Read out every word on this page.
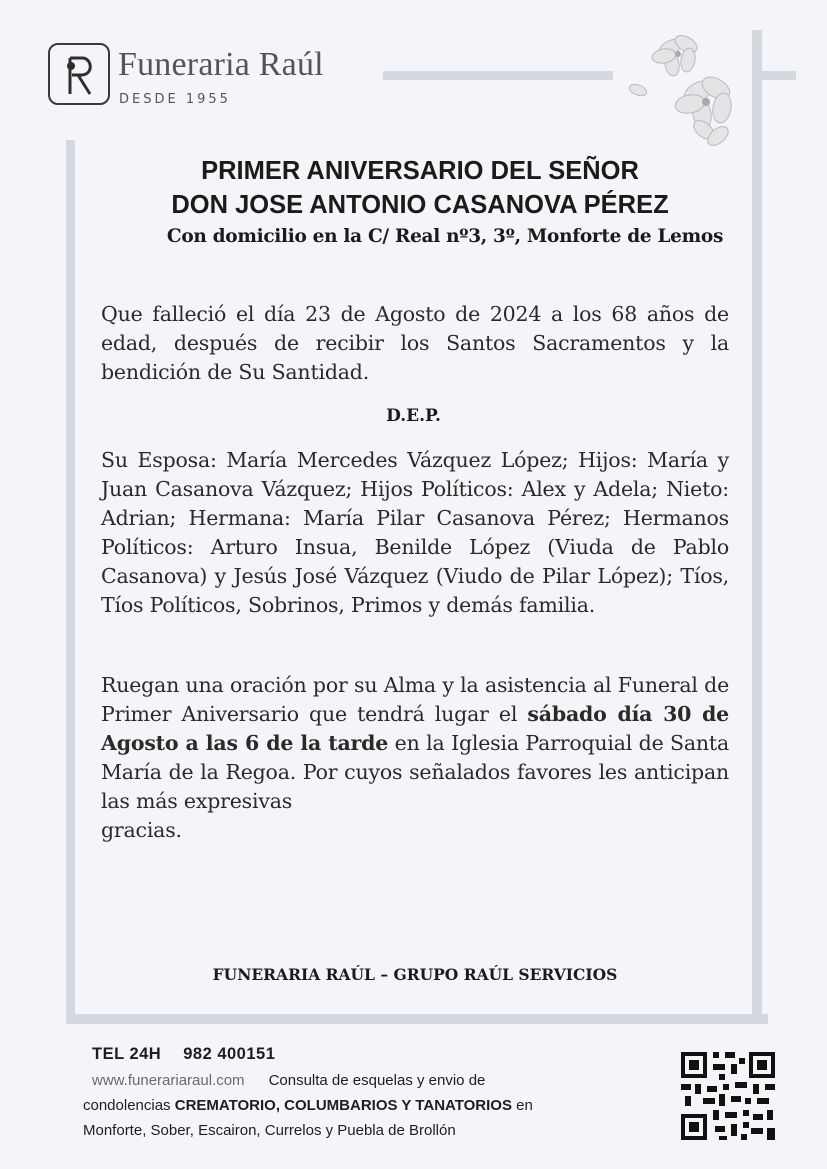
Funeraria Raúl
DESDE 1955
PRIMER ANIVERSARIO DEL SEÑOR
DON JOSE ANTONIO CASANOVA PÉREZ
Con domicilio en la C/ Real nº3, 3º, Monforte de Lemos
Que falleció el día 23 de Agosto de 2024 a los 68 años de edad, después de recibir los Santos Sacramentos y la bendición de Su Santidad.
D.E.P.
Su Esposa: María Mercedes Vázquez López; Hijos: María y Juan Casanova Vázquez; Hijos Políticos: Alex y Adela; Nieto: Adrian; Hermana: María Pilar Casanova Pérez; Hermanos Políticos: Arturo Insua, Benilde López (Viuda de Pablo Casanova) y Jesús José Vázquez (Viudo de Pilar López); Tíos, Tíos Políticos, Sobrinos, Primos y demás familia.
Ruegan una oración por su Alma y la asistencia al Funeral de Primer Aniversario que tendrá lugar el sábado día 30 de Agosto a las 6 de la tarde en la Iglesia Parroquial de Santa María de la Regoa. Por cuyos señalados favores les anticipan las más expresivas
gracias.
FUNERARIA RAÚL – GRUPO RAÚL SERVICIOS
TEL 24H 982 400151
www.funerariaraul.com Consulta de esquelas y envio de
condolencias CREMATORIO, COLUMBARIOS Y TANATORIOS en
Monforte, Sober, Escairon, Currelos y Puebla de Brollón
